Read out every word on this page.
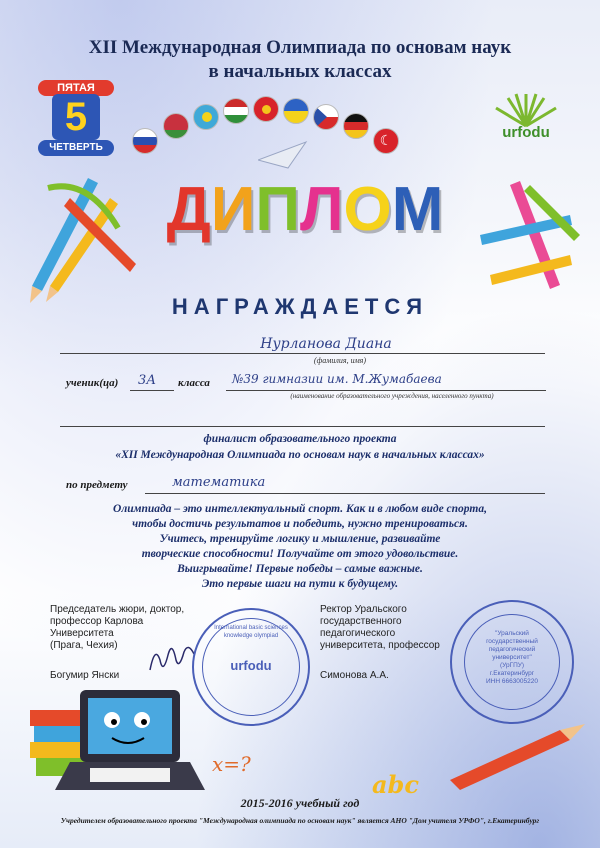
XII Международная Олимпиада по основам наук
в начальных классах
ПЯТАЯ
5
ЧЕТВЕРТЬ
urfodu
☾
Д И П Л О М
НАГРАЖДАЕТСЯ
Нурланова Диана
(фамилия, имя)
ученик(ца) 3А	класса №39 гимназии им. М.Жумабаева
(наименование образовательного учреждения, населенного пункта)
финалист образовательного проекта
«XII Международная Олимпиада по основам наук в начальных классах»
по предмету	математика
Олимпиада – это интеллектуальный спорт. Как и в любом виде спорта,
чтобы достичь результатов и победить, нужно тренироваться.
Учитесь, тренируйте логику и мышление, развивайте
творческие способности! Получайте от этого удовольствие.
Выигрывайте! Первые победы – самые важные.
Это первые шаги на пути к будущему.
Председатель жюри, доктор,
профессор Карлова
Университета
(Прага, Чехия)
Богумир Янски
International basic sciences knowledge olympiad
urfodu
Ректор Уральского
государственного
педагогического
университета, профессор
Симонова А.А.
"Уральский
государственный
педагогический
университет"
(УрГПУ)
г.Екатеринбург
ИНН 6663005220
x=?
abc
2015-2016 учебный год
Учредителем образовательного проекта "Международная олимпиада по основам наук" является АНО "Дом учителя УРФО", г.Екатеринбург
